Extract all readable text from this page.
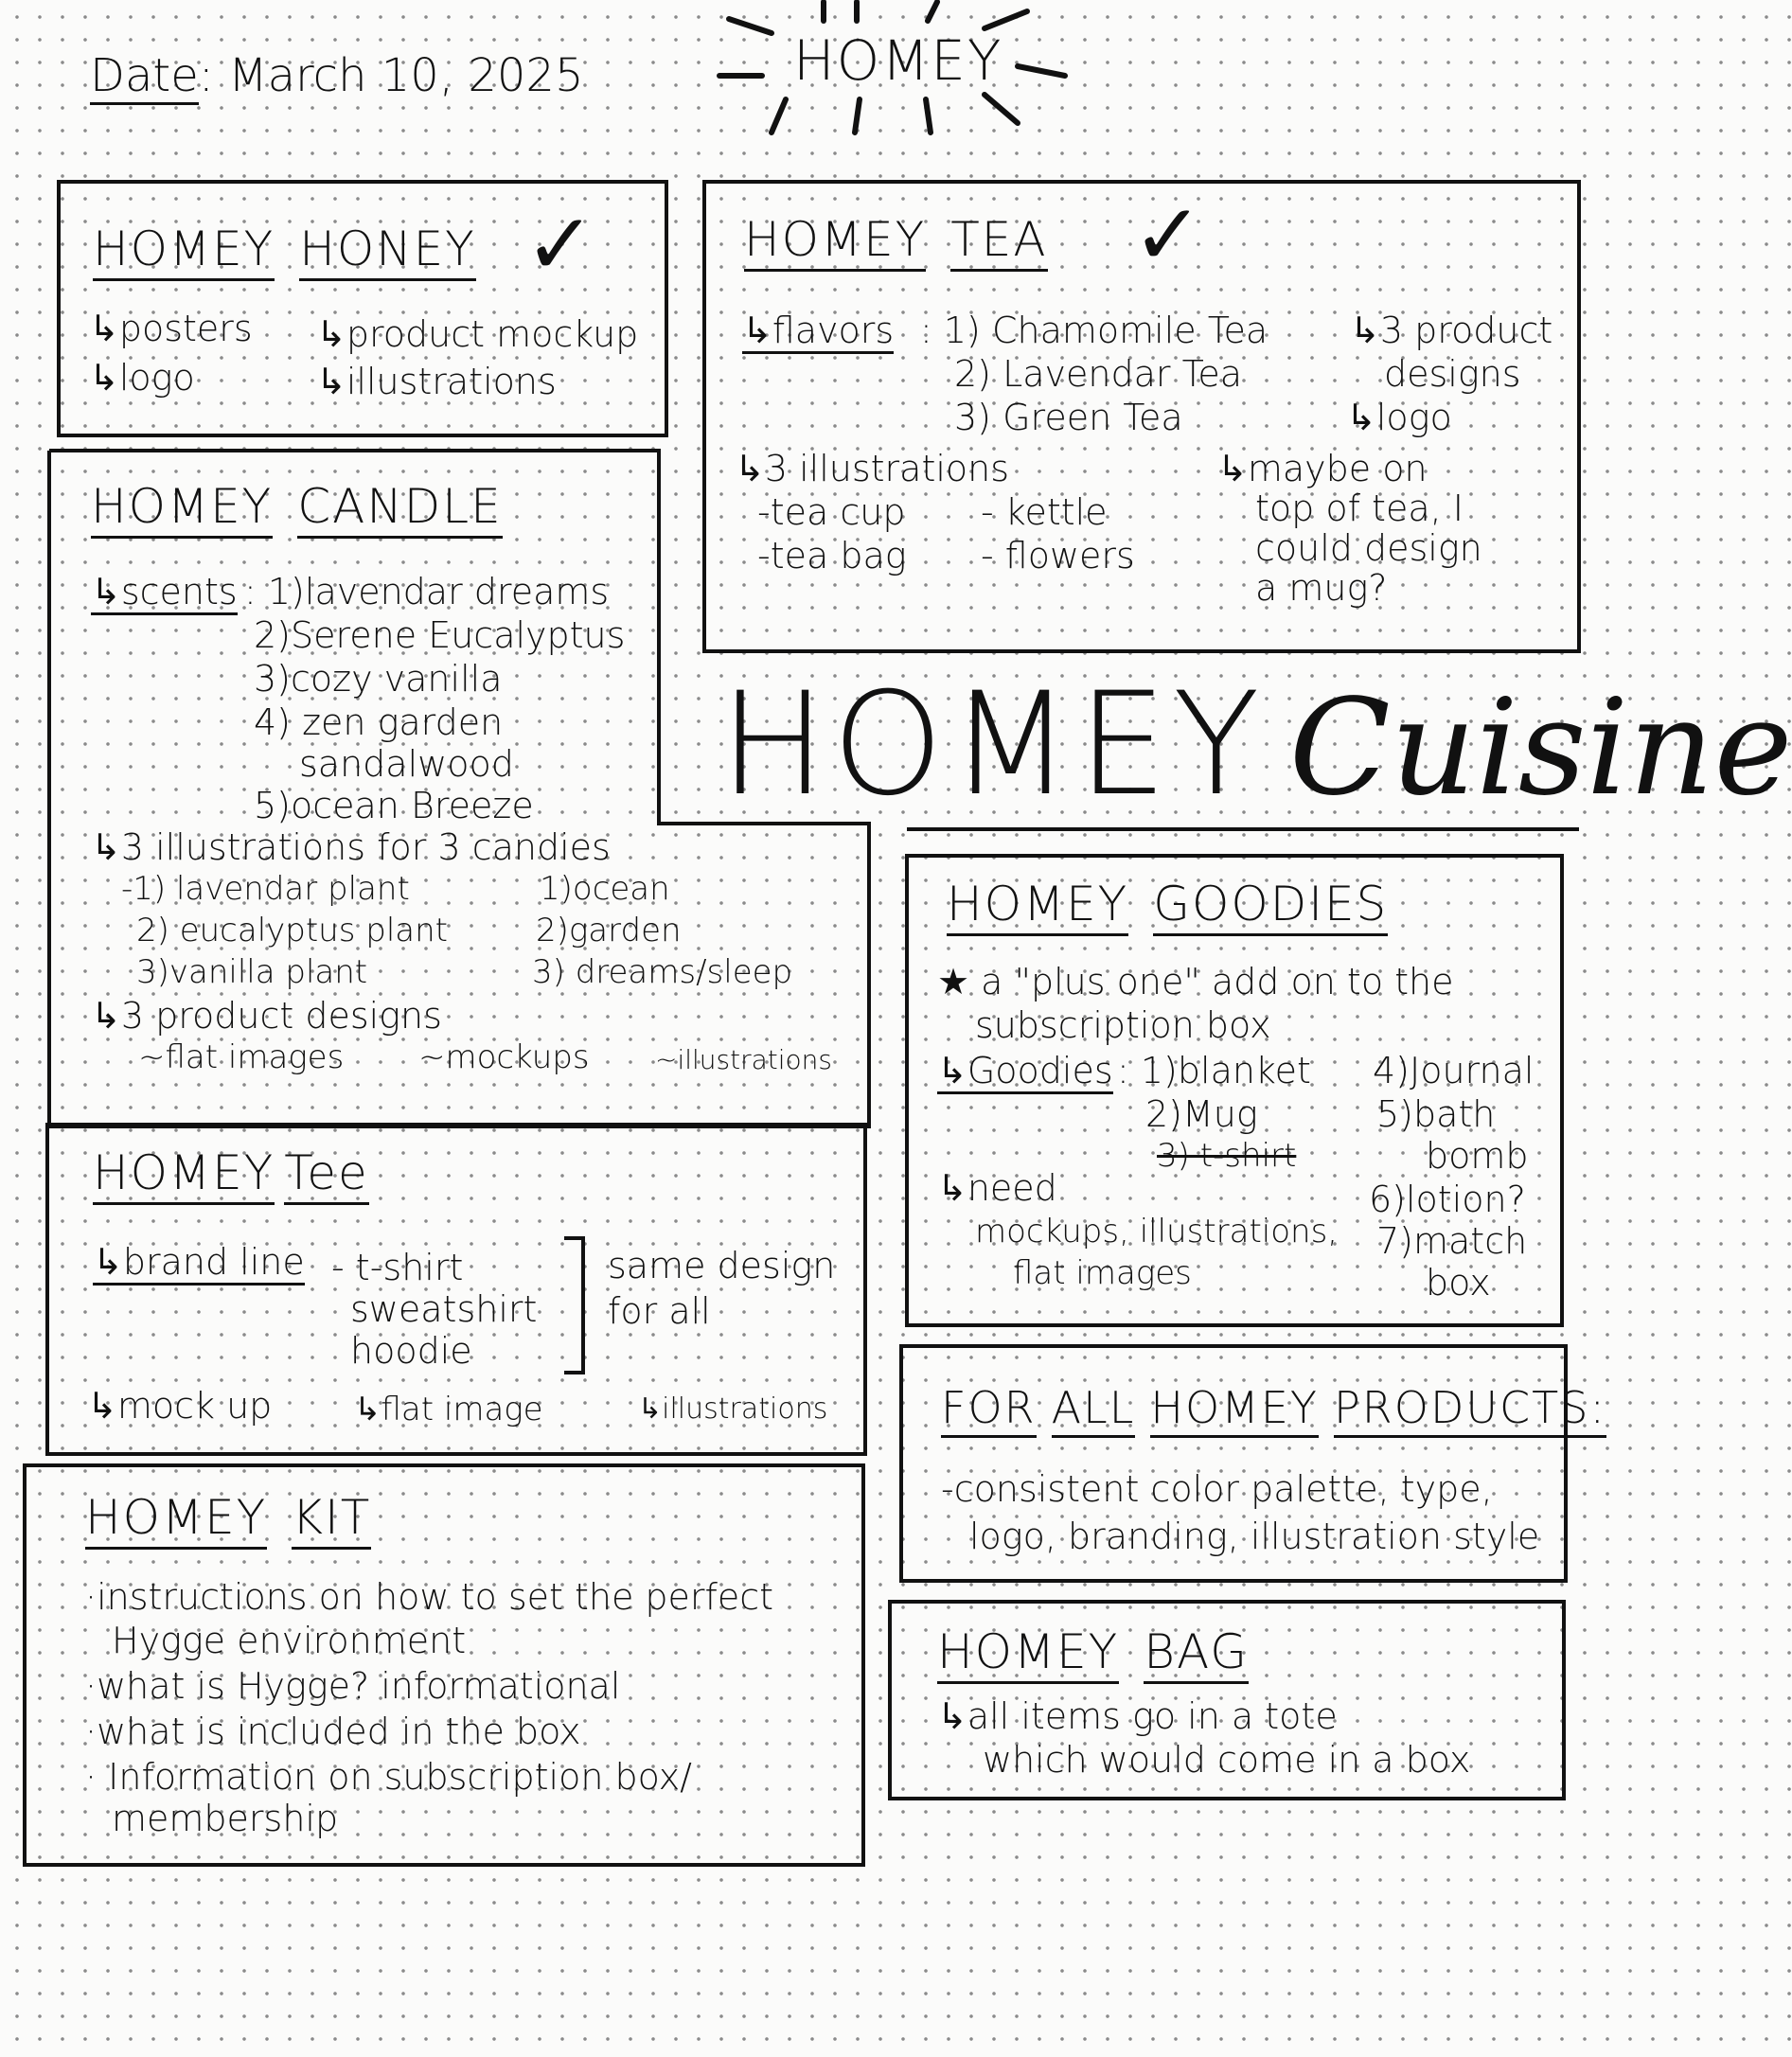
Date: March 10, 2025	HOMEY
HOMEY HONEY ✓
↳posters
↳logo
↳product mockup
↳illustrations
HOMEY TEA ✓
↳flavors : 1) Chamomile Tea
2) Lavendar Tea
3) Green Tea
↳3 product
designs
↳logo
↳3 illustrations
-tea cup
-tea bag
- kettle
- flowers
↳maybe on
top of tea, I
could design
a mug?
HOMEY CANDLE
↳scents : 1)lavendar dreams
2)Serene Eucalyptus
3)cozy vanilla
4) zen garden
sandalwood
5)ocean Breeze
↳3 illustrations for 3 candies
-1) lavendar plant
2) eucalyptus plant
3)vanilla plant
1)ocean
2)garden
3) dreams/sleep
↳3 product designs
~flat images ~mockups ~illustrations
HOMEY Cuisine
HOMEY GOODIES
★ a "plus one" add on to the
subscription box
↳Goodies : 1)blanket
2)Mug
3) t-shirt
4)Journal
5)bath
bomb
6)lotion?
7)match
box
↳need
mockups, illustrations,
flat images
HOMEY Tee
↳brand line - t-shirt
sweatshirt
hoodie
same design
for all
↳mock up	↳flat image	↳illustrations	FOR ALL HOMEY PRODUCTS:
-consistent color palette, type,
logo, branding, illustration style
HOMEY KIT
·instructions on how to set the perfect
Hygge environment
·what is Hygge? informational
·what is included in the box
· Information on subscription box/
membership
HOMEY BAG
↳all items go in a tote
which would come in a box
